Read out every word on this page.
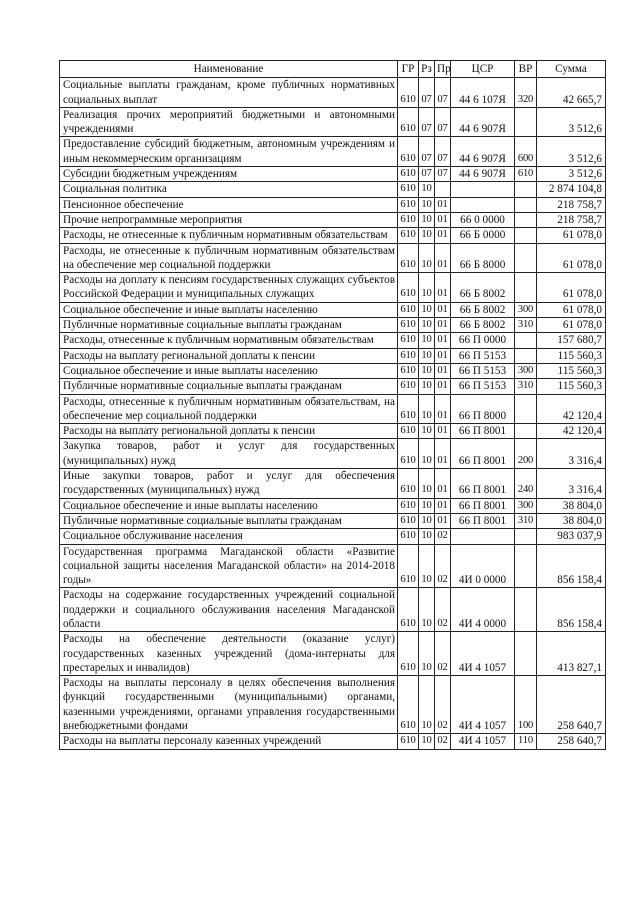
Наименование	ГР	Рз	Пр	ЦСР	ВР	Сумма
Социальные выплаты гражданам, кроме публичных нормативных социальных выплат	610	07	07	44 6 107Я	320	42 665,7
Реализация прочих мероприятий бюджетными и автономными учреждениями	610	07	07	44 6 907Я		3 512,6
Предоставление субсидий бюджетным, автономным учреждениям и иным некоммерческим организациям	610	07	07	44 6 907Я	600	3 512,6
Субсидии бюджетным учреждениям	610	07	07	44 6 907Я	610	3 512,6
Социальная политика	610	10				2 874 104,8
Пенсионное обеспечение	610	10	01			218 758,7
Прочие непрограммные мероприятия	610	10	01	66 0 0000		218 758,7
Расходы, не отнесенные к публичным нормативным обязательствам	610	10	01	66 Б 0000		61 078,0
Расходы, не отнесенные к публичным нормативным обязательствам на обеспечение мер социальной поддержки	610	10	01	66 Б 8000		61 078,0
Расходы на доплату к пенсиям государственных служащих субъектов Российской Федерации и муниципальных служащих	610	10	01	66 Б 8002		61 078,0
Социальное обеспечение и иные выплаты населению	610	10	01	66 Б 8002	300	61 078,0
Публичные нормативные социальные выплаты гражданам	610	10	01	66 Б 8002	310	61 078,0
Расходы, отнесенные к публичным нормативным обязательствам	610	10	01	66 П 0000		157 680,7
Расходы на выплату региональной доплаты к пенсии	610	10	01	66 П 5153		115 560,3
Социальное обеспечение и иные выплаты населению	610	10	01	66 П 5153	300	115 560,3
Публичные нормативные социальные выплаты гражданам	610	10	01	66 П 5153	310	115 560,3
Расходы, отнесенные к публичным нормативным обязательствам, на обеспечение мер социальной поддержки	610	10	01	66 П 8000		42 120,4
Расходы на выплату региональной доплаты к пенсии	610	10	01	66 П 8001		42 120,4
Закупка товаров, работ и услуг для государственных (муниципальных) нужд	610	10	01	66 П 8001	200	3 316,4
Иные закупки товаров, работ и услуг для обеспечения государственных (муниципальных) нужд	610	10	01	66 П 8001	240	3 316,4
Социальное обеспечение и иные выплаты населению	610	10	01	66 П 8001	300	38 804,0
Публичные нормативные социальные выплаты гражданам	610	10	01	66 П 8001	310	38 804,0
Социальное обслуживание населения	610	10	02			983 037,9
Государственная программа Магаданской области «Развитие социальной защиты населения Магаданской области» на 2014-2018 годы»	610	10	02	4И 0 0000		856 158,4
Расходы на содержание государственных учреждений социальной поддержки и социального обслуживания населения Магаданской области	610	10	02	4И 4 0000		856 158,4
Расходы на обеспечение деятельности (оказание услуг) государственных казенных учреждений (дома-интернаты для престарелых и инвалидов)	610	10	02	4И 4 1057		413 827,1
Расходы на выплаты персоналу в целях обеспечения выполнения функций государственными (муниципальными) органами, казенными учреждениями, органами управления государственными внебюджетными фондами	610	10	02	4И 4 1057	100	258 640,7
Расходы на выплаты персоналу казенных учреждений	610	10	02	4И 4 1057	110	258 640,7
